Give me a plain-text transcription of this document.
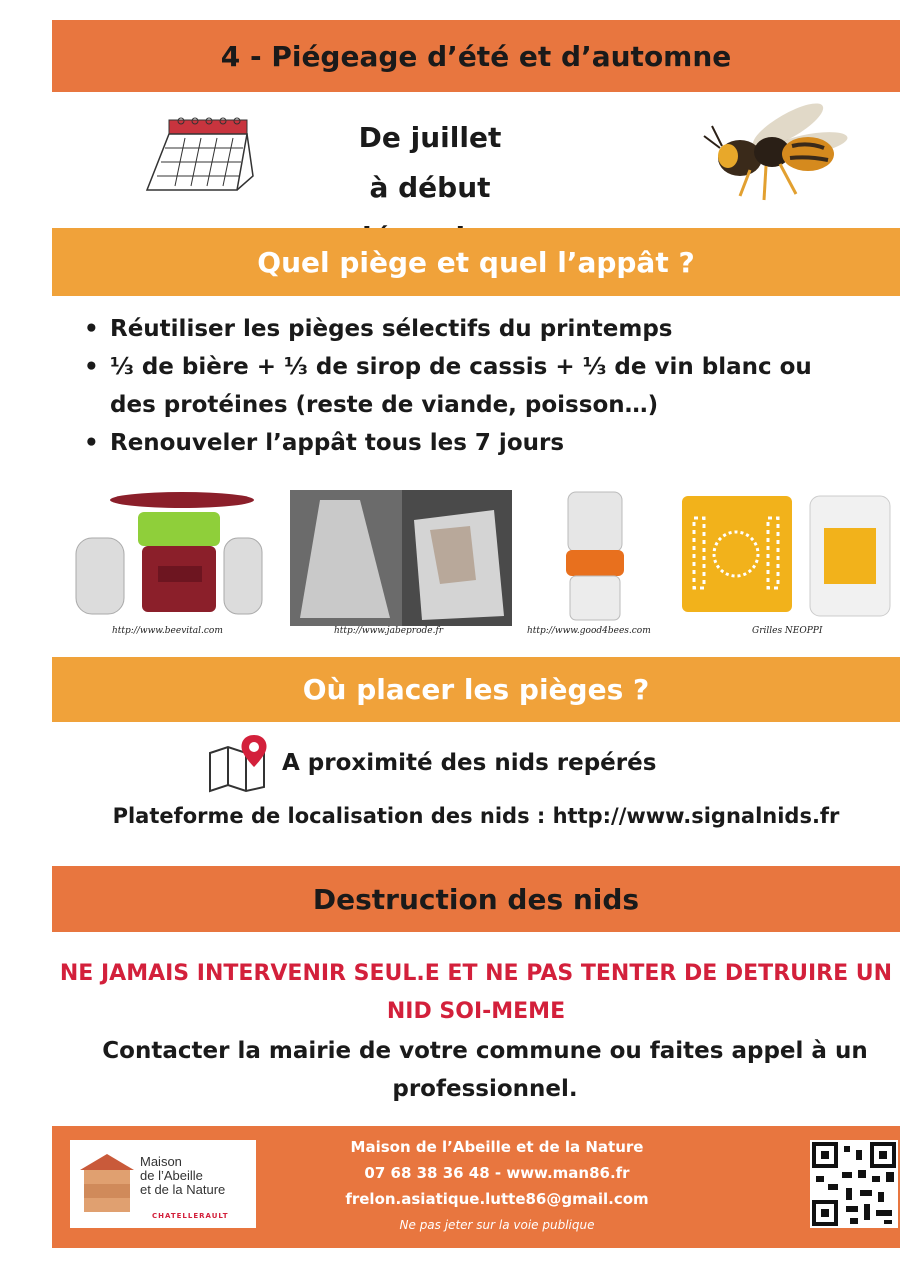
4 - Piégeage d’été et d’automne
De juillet
à début
Quel piège et quel l’appât ?
• Réutiliser les pièges sélectifs du printemps
• ⅓ de bière + ⅓ de sirop de cassis + ⅓ de vin blanc ou des protéines (reste de viande, poisson…)
• Renouveler l’appât tous les 7 jours
http://www.beevital.com	http://www.jabeprode.fr	http://www.good4bees.com	Grilles NEOPPI
Où placer les pièges ?
A proximité des nids repérés
Plateforme de localisation des nids : http://www.signalnids.fr
Destruction des nids
NE JAMAIS INTERVENIR SEUL.E ET NE PAS TENTER DE DETRUIRE UN NID SOI-MEME
Contacter la mairie de votre commune ou faites appel à un professionnel.
Maison
de l’Abeille
et de la Nature
CHATELLERAULT
Maison de l’Abeille et de la Nature
07 68 38 36 48 - www.man86.fr
frelon.asiatique.lutte86@gmail.com
Ne pas jeter sur la voie publique
